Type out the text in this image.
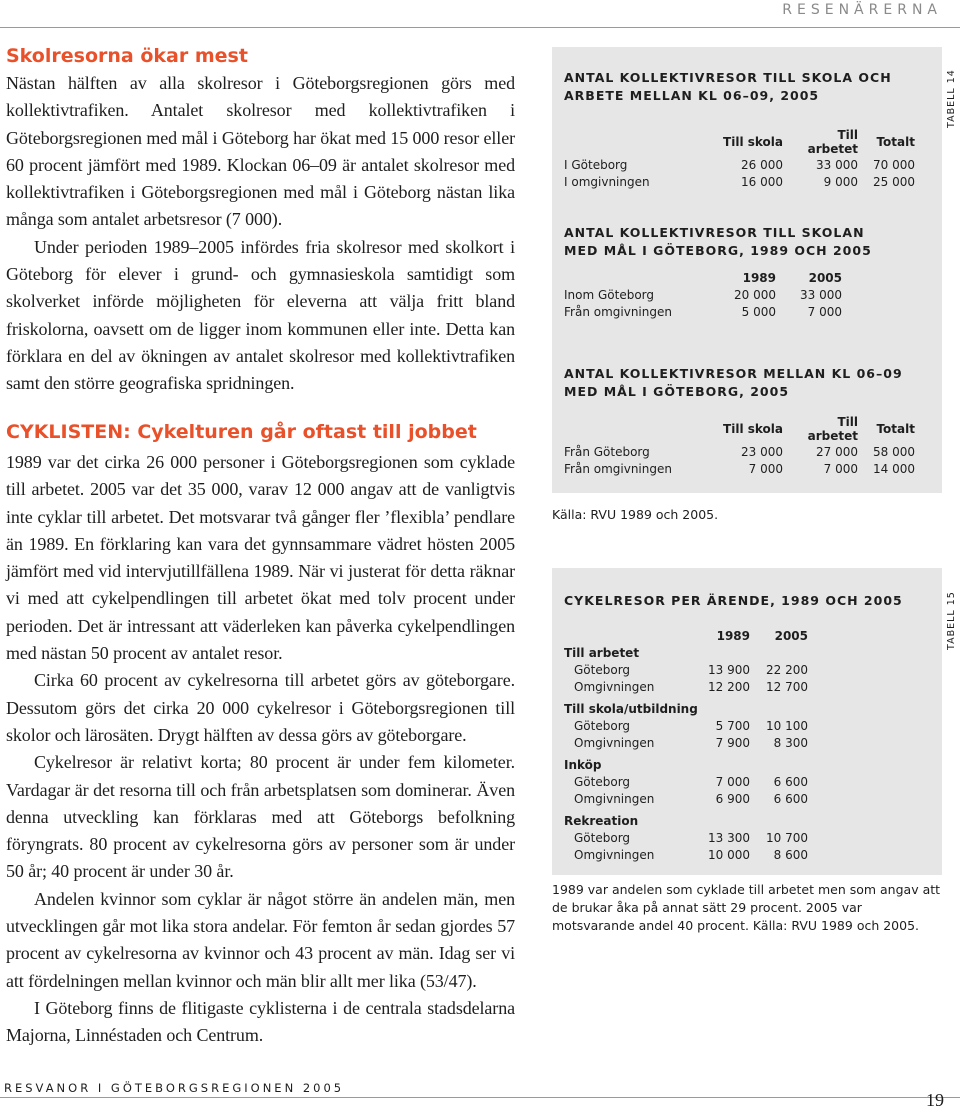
RESENÄRERNA
Skolresorna ökar mest

Nästan hälften av alla skolresor i Göteborgsregionen görs med kollektivtrafiken. Antalet skolresor med kollektivtrafiken i Göteborgsregionen med mål i Göteborg har ökat med 15 000 resor eller 60 procent jämfört med 1989. Klockan 06–09 är antalet skolresor med kollektivtrafiken i Göteborgsregionen med mål i Göteborg nästan lika många som antalet arbetsresor (7 000).

Under perioden 1989–2005 infördes fria skolresor med skolkort i Göteborg för elever i grund- och gymnasieskola samtidigt som skolverket införde möjligheten för eleverna att välja fritt bland friskolorna, oavsett om de ligger inom kommunen eller inte. Detta kan förklara en del av ökningen av antalet skolresor med kollektivtrafiken samt den större geografiska spridningen.

CYKLISTEN: Cykelturen går oftast till jobbet

1989 var det cirka 26 000 personer i Göteborgsregionen som cyklade till arbetet. 2005 var det 35 000, varav 12 000 angav att de vanligtvis inte cyklar till arbetet. Det motsvarar två gånger fler ’flexibla’ pendlare än 1989. En förklaring kan vara det gynnsammare vädret hösten 2005 jämfört med vid intervjutillfällena 1989. När vi justerat för detta räknar vi med att cykelpendlingen till arbetet ökat med tolv procent under perioden. Det är intressant att väderleken kan påverka cykelpendlingen med nästan 50 procent av antalet resor.

Cirka 60 procent av cykelresorna till arbetet görs av göteborgare. Dessutom görs det cirka 20 000 cykelresor i Göteborgsregionen till skolor och lärosäten. Drygt hälften av dessa görs av göteborgare.

Cykelresor är relativt korta; 80 procent är under fem kilometer. Vardagar är det resorna till och från arbetsplatsen som dominerar. Även denna utveckling kan förklaras med att Göteborgs befolkning föryngrats. 80 procent av cykelresorna görs av personer som är under 50 år; 40 procent är under 30 år.

Andelen kvinnor som cyklar är något större än andelen män, men utvecklingen går mot lika stora andelar. För femton år sedan gjordes 57 procent av cykelresorna av kvinnor och 43 procent av män. Idag ser vi att fördelningen mellan kvinnor och män blir allt mer lika (53/47).

I Göteborg finns de flitigaste cyklisterna i de centrala stadsdelarna Majorna, Linnéstaden och Centrum.

TABELL 14
ANTAL KOLLEKTIVRESOR TILL SKOLA OCH ARBETE MELLAN KL 06–09, 2005
	Till skola	Till arbetet	Totalt
I Göteborg	26 000	33 000	70 000
I omgivningen	16 000	9 000	25 000
ANTAL KOLLEKTIVRESOR TILL SKOLAN MED MÅL I GÖTEBORG, 1989 OCH 2005
	1989	2005
Inom Göteborg	20 000	33 000
Från omgivningen	5 000	7 000
ANTAL KOLLEKTIVRESOR MELLAN KL 06–09 MED MÅL I GÖTEBORG, 2005
	Till skola	Till arbetet	Totalt
Från Göteborg	23 000	27 000	58 000
Från omgivningen	7 000	7 000	14 000
Källa: RVU 1989 och 2005.
TABELL 15
CYKELRESOR PER ÄRENDE, 1989 OCH 2005
	1989	2005
Till arbetet		
Göteborg	13 900	22 200
Omgivningen	12 200	12 700
Till skola/utbildning		
Göteborg	5 700	10 100
Omgivningen	7 900	8 300
Inköp		
Göteborg	7 000	6 600
Omgivningen	6 900	6 600
Rekreation		
Göteborg	13 300	10 700
Omgivningen	10 000	8 600
1989 var andelen som cyklade till arbetet men som angav att de brukar åka på annat sätt 29 procent. 2005 var motsvarande andel 40 procent. Källa: RVU 1989 och 2005.
RESVANOR I GÖTEBORGSREGIONEN 2005
19
